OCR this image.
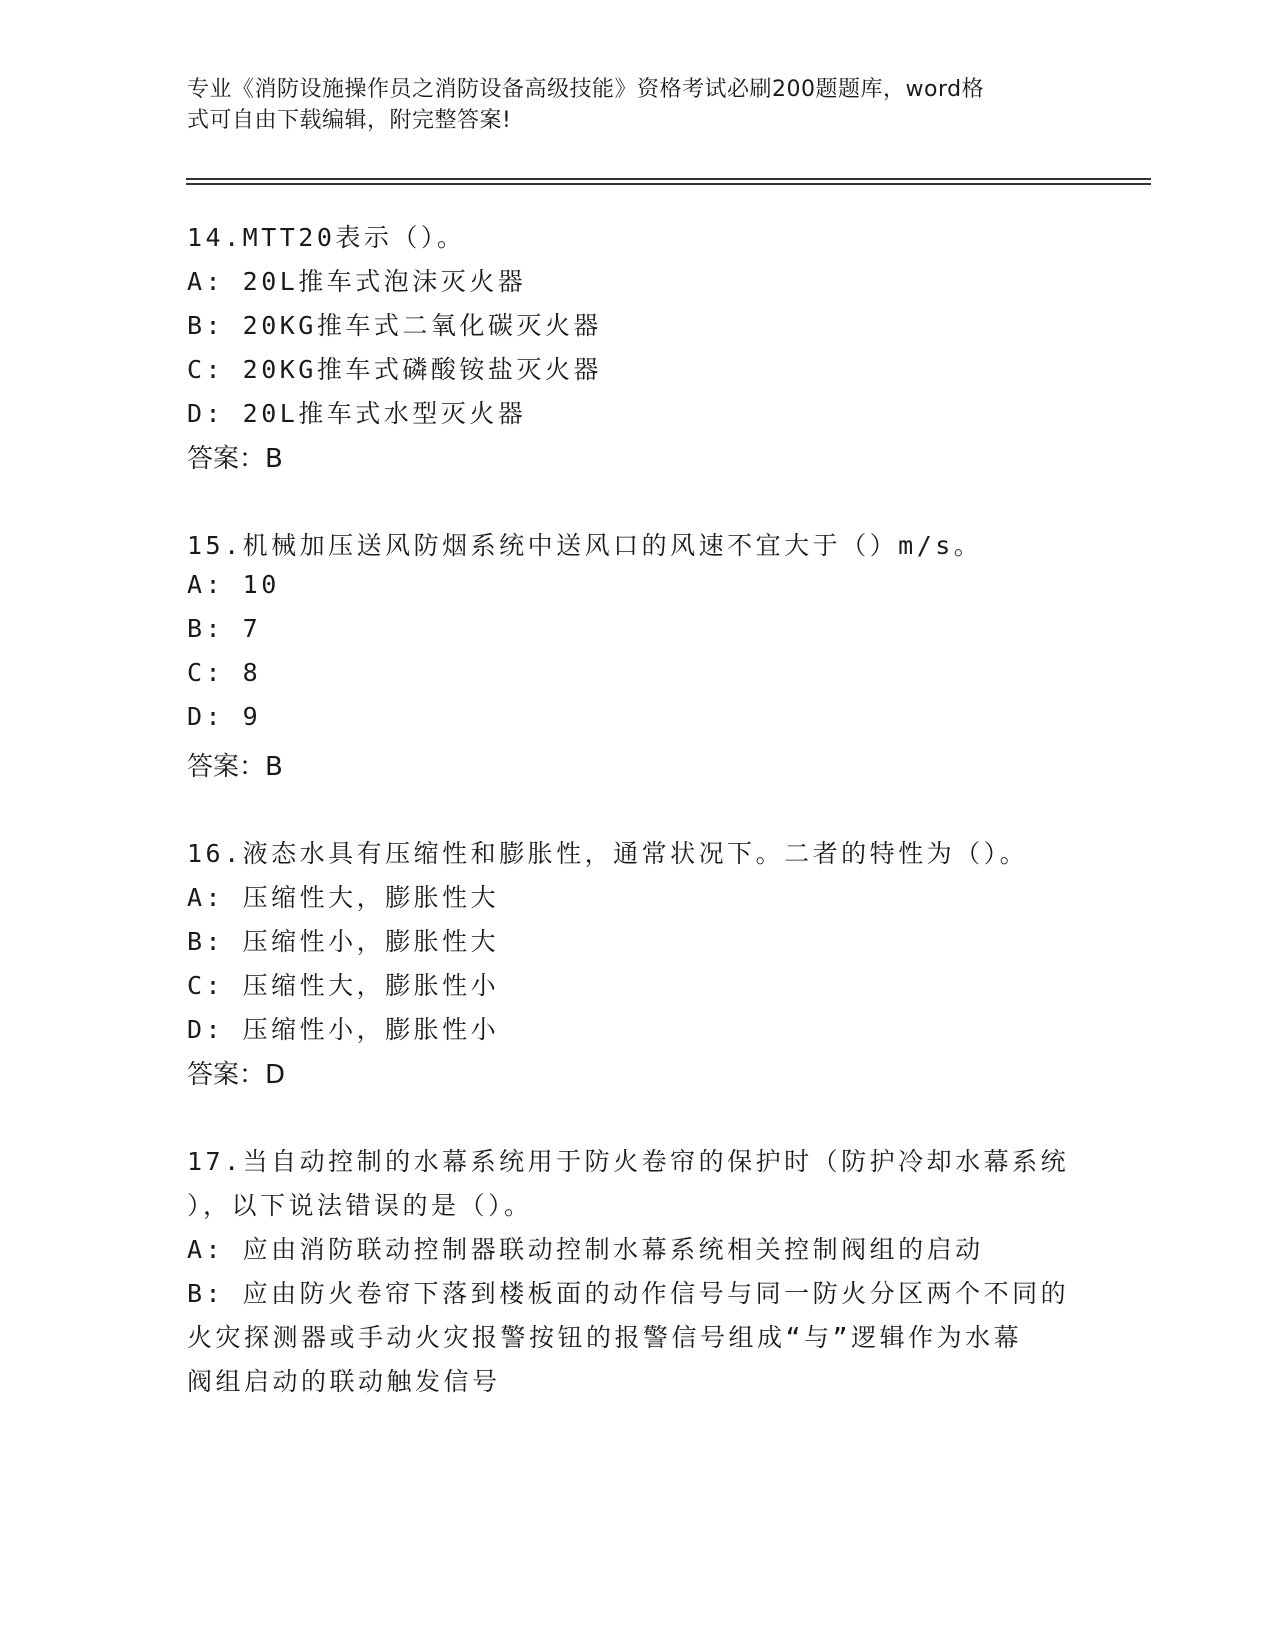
专业《消防设施操作员之消防设备高级技能》资格考试必刷200题题库，word格
式可自由下载编辑，附完整答案!
14.MTT20表示（）。
A: 20L推车式泡沫灭火器
B: 20KG推车式二氧化碳灭火器
C: 20KG推车式磷酸铵盐灭火器
D: 20L推车式水型灭火器
答案：B
15.机械加压送风防烟系统中送风口的风速不宜大于（）m/s。
A: 10
B: 7
C: 8
D: 9
答案：B
16.液态水具有压缩性和膨胀性，通常状况下。二者的特性为（）。
A: 压缩性大，膨胀性大
B: 压缩性小，膨胀性大
C: 压缩性大，膨胀性小
D: 压缩性小，膨胀性小
答案：D
17.当自动控制的水幕系统用于防火卷帘的保护时（防护冷却水幕系统
），以下说法错误的是（）。
A: 应由消防联动控制器联动控制水幕系统相关控制阀组的启动
B: 应由防火卷帘下落到楼板面的动作信号与同一防火分区两个不同的
火灾探测器或手动火灾报警按钮的报警信号组成“与”逻辑作为水幕
阀组启动的联动触发信号
